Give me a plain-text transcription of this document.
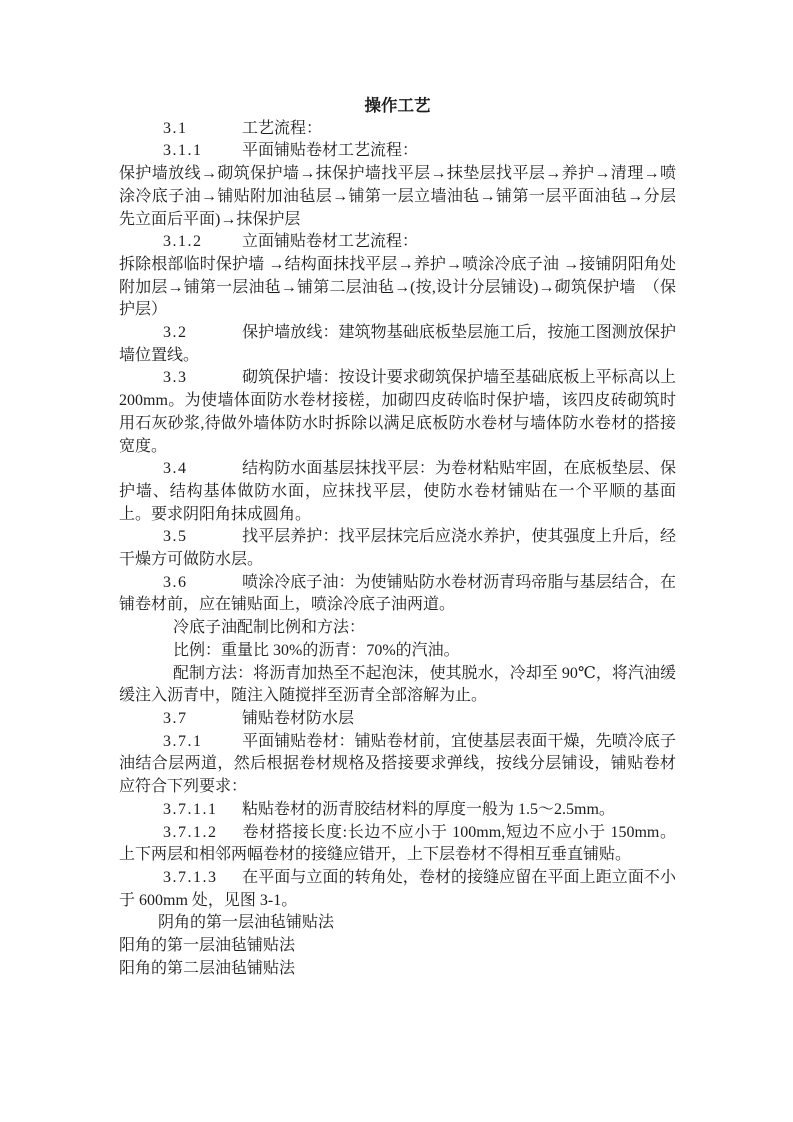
操作工艺

3.1	工艺流程：

3.1.1 平面铺贴卷材工艺流程：

保护墙放线→砌筑保护墙→抹保护墙找平层→抹垫层找平层→养护→清理→喷涂冷底子油→铺贴附加油毡层→铺第一层立墙油毡→铺第一层平面油毡→分层先立面后平面)→抹保护层

3.1.2 立面铺贴卷材工艺流程：

拆除根部临时保护墙 →结构面抹找平层→养护→喷涂冷底子油 →接铺阴阳角处附加层→铺第一层油毡→铺第二层油毡→(按,设计分层铺设)→砌筑保护墙　（保护层）

3.2	保护墙放线：建筑物基础底板垫层施工后，按施工图测放保护墙位置线。

3.3	砌筑保护墙：按设计要求砌筑保护墙至基础底板上平标高以上 200mm。为使墙体面防水卷材接槎，加砌四皮砖临时保护墙，该四皮砖砌筑时用石灰砂浆,待做外墙体防水时拆除以满足底板防水卷材与墙体防水卷材的搭接宽度。

3.4	结构防水面基层抹找平层：为卷材粘贴牢固，在底板垫层、保护墙、结构基体做防水面，应抹找平层，使防水卷材铺贴在一个平顺的基面上。要求阴阳角抹成圆角。

3.5	找平层养护：找平层抹完后应浇水养护，使其强度上升后，经干燥方可做防水层。

3.6	喷涂冷底子油：为使铺贴防水卷材沥青玛帝脂与基层结合，在铺卷材前，应在铺贴面上，喷涂冷底子油两道。

冷底子油配制比例和方法：

比例：重量比 30%的沥青：70%的汽油。

配制方法：将沥青加热至不起泡沫，使其脱水，冷却至 90℃，将汽油缓缓注入沥青中，随注入随搅拌至沥青全部溶解为止。

3.7	铺贴卷材防水层

3.7.1 平面铺贴卷材：铺贴卷材前，宜使基层表面干燥，先喷冷底子油结合层两道，然后根据卷材规格及搭接要求弹线，按线分层铺设，铺贴卷材应符合下列要求：

3.7.1.1 粘贴卷材的沥青胶结材料的厚度一般为 1.5～2.5mm。

3.7.1.2 卷材搭接长度:长边不应小于 100mm,短边不应小于 150mm。上下两层和相邻两幅卷材的接缝应错开，上下层卷材不得相互垂直铺贴。

3.7.1.3 在平面与立面的转角处，卷材的接缝应留在平面上距立面不小于 600mm 处，见图 3-1。

阴角的第一层油毡铺贴法

阳角的第一层油毡铺贴法

阳角的第二层油毡铺贴法
